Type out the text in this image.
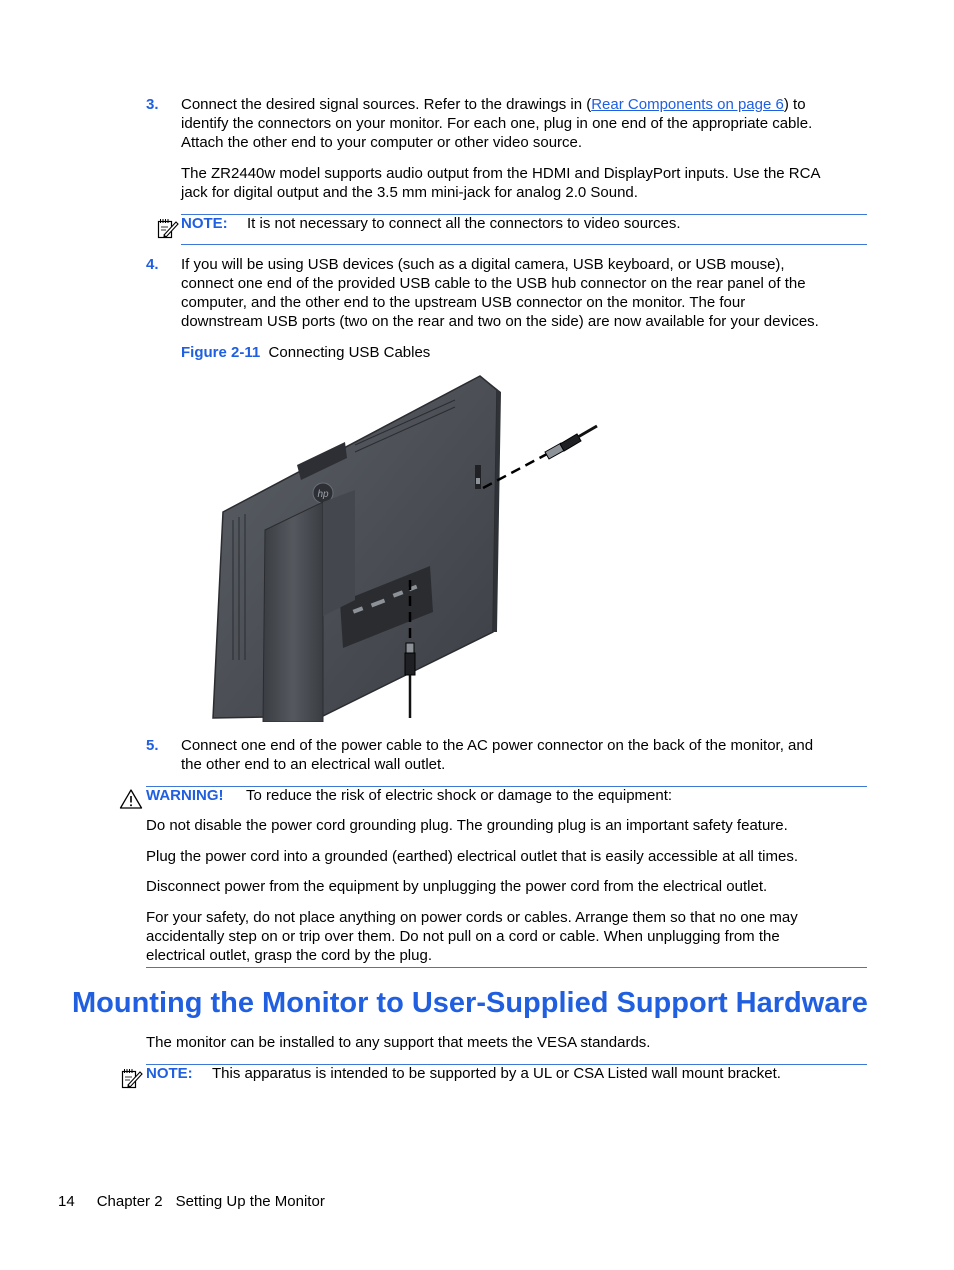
3. Connect the desired signal sources. Refer to the drawings in (Rear Components on page 6) to
identify the connectors on your monitor. For each one, plug in one end of the appropriate cable.
Attach the other end to your computer or other video source.
The ZR2440w model supports audio output from the HDMI and DisplayPort inputs. Use the RCA
jack for digital output and the 3.5 mm mini-jack for analog 2.0 Sound.
NOTE: It is not necessary to connect all the connectors to video sources.
4. If you will be using USB devices (such as a digital camera, USB keyboard, or USB mouse),
connect one end of the provided USB cable to the USB hub connector on the rear panel of the
computer, and the other end to the upstream USB connector on the monitor. The four
downstream USB ports (two on the rear and two on the side) are now available for your devices.
Figure 2-11 Connecting USB Cables
hp
5. Connect one end of the power cable to the AC power connector on the back of the monitor, and
the other end to an electrical wall outlet.
WARNING! To reduce the risk of electric shock or damage to the equipment:
Do not disable the power cord grounding plug. The grounding plug is an important safety feature.
Plug the power cord into a grounded (earthed) electrical outlet that is easily accessible at all times.
Disconnect power from the equipment by unplugging the power cord from the electrical outlet.
For your safety, do not place anything on power cords or cables. Arrange them so that no one may
accidentally step on or trip over them. Do not pull on a cord or cable. When unplugging from the
electrical outlet, grasp the cord by the plug.
Mounting the Monitor to User-Supplied Support Hardware
The monitor can be installed to any support that meets the VESA standards.
NOTE: This apparatus is intended to be supported by a UL or CSA Listed wall mount bracket.
14 Chapter 2 Setting Up the Monitor
